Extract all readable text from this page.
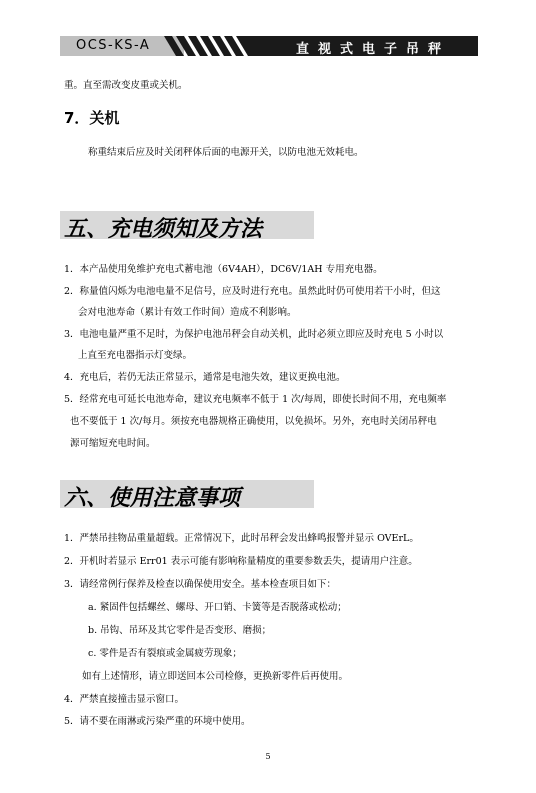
OCS-KS-A	直视式电子吊秤
重。直至需改变皮重或关机。
7．关机
称重结束后应及时关闭秤体后面的电源开关，以防电池无效耗电。
五、充电须知及方法
1．本产品使用免维护充电式蓄电池（6V4AH），DC6V/1AH 专用充电器。
2．称量值闪烁为电池电量不足信号，应及时进行充电。虽然此时仍可使用若干小时，但这
会对电池寿命（累计有效工作时间）造成不利影响。
3．电池电量严重不足时，为保护电池吊秤会自动关机，此时必须立即应及时充电 5 小时以
上直至充电器指示灯变绿。
4．充电后，若仍无法正常显示，通常是电池失效，建议更换电池。
5．经常充电可延长电池寿命，建议充电频率不低于 1 次/每周，即使长时间不用，充电频率
也不要低于 1 次/每月。须按充电器规格正确使用，以免损坏。另外，充电时关闭吊秤电
源可缩短充电时间。
六、使用注意事项
1．严禁吊挂物品重量超载。正常情况下，此时吊秤会发出蜂鸣报警并显示 OVErL。
2．开机时若显示 Err01 表示可能有影响称量精度的重要参数丢失，提请用户注意。
3．请经常例行保养及检查以确保使用安全。基本检查项目如下：
a. 紧固件包括螺丝、螺母、开口销、卡簧等是否脱落或松动；
b. 吊钩、吊环及其它零件是否变形、磨损；
c. 零件是否有裂痕或金属疲劳现象；
如有上述情形，请立即送回本公司检修，更换新零件后再使用。
4．严禁直接撞击显示窗口。
5．请不要在雨淋或污染严重的环境中使用。
5
